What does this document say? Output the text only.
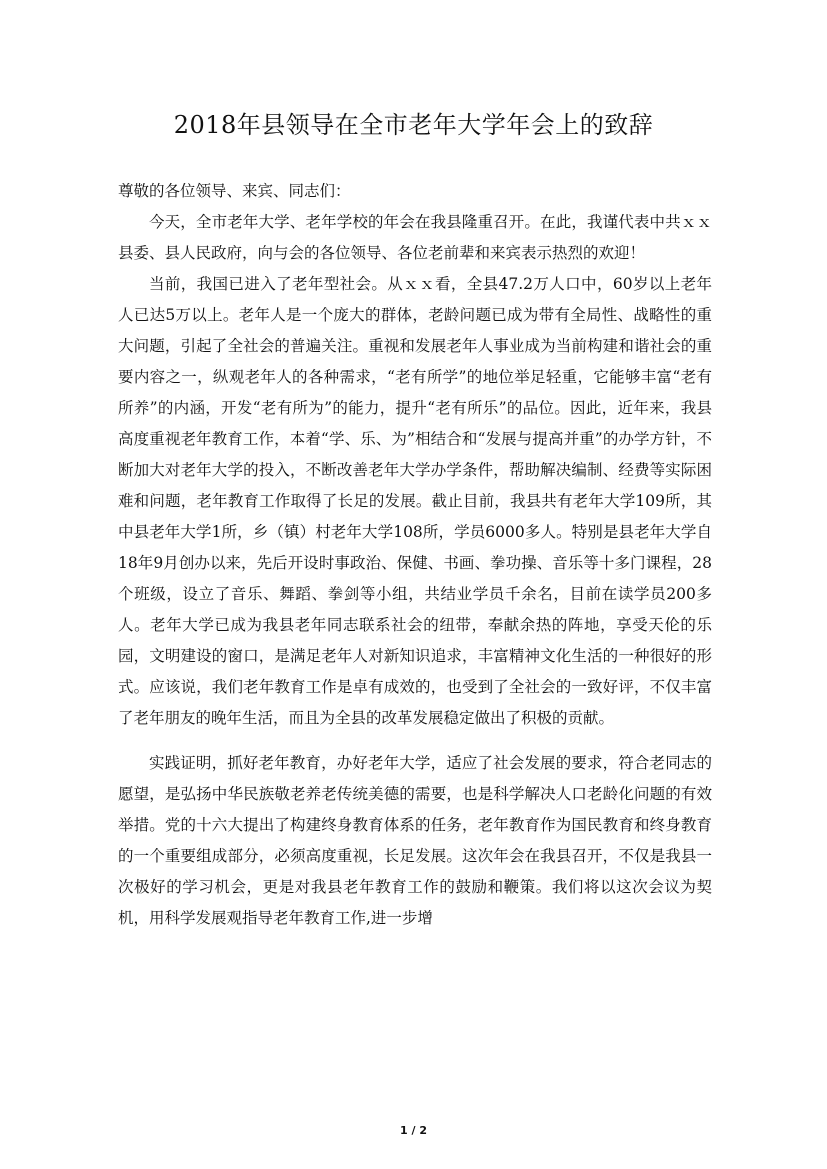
2018年县领导在全市老年大学年会上的致辞

尊敬的各位领导、来宾、同志们：

今天，全市老年大学、老年学校的年会在我县隆重召开。在此，我谨代表中共ｘｘ县委、县人民政府，向与会的各位领导、各位老前辈和来宾表示热烈的欢迎！

当前，我国已进入了老年型社会。从ｘｘ看，全县47.2万人口中，60岁以上老年人已达5万以上。老年人是一个庞大的群体，老龄问题已成为带有全局性、战略性的重大问题，引起了全社会的普遍关注。重视和发展老年人事业成为当前构建和谐社会的重要内容之一，纵观老年人的各种需求，“老有所学”的地位举足轻重，它能够丰富“老有所养”的内涵，开发“老有所为”的能力，提升“老有所乐”的品位。因此，近年来，我县高度重视老年教育工作，本着“学、乐、为”相结合和“发展与提高并重”的办学方针，不断加大对老年大学的投入，不断改善老年大学办学条件，帮助解决编制、经费等实际困难和问题，老年教育工作取得了长足的发展。截止目前，我县共有老年大学109所，其中县老年大学1所，乡（镇）村老年大学108所，学员6000多人。特别是县老年大学自18年9月创办以来，先后开设时事政治、保健、书画、拳功操、音乐等十多门课程，28个班级，设立了音乐、舞蹈、拳剑等小组，共结业学员千余名，目前在读学员200多人。老年大学已成为我县老年同志联系社会的纽带，奉献余热的阵地，享受天伦的乐园，文明建设的窗口，是满足老年人对新知识追求，丰富精神文化生活的一种很好的形式。应该说，我们老年教育工作是卓有成效的，也受到了全社会的一致好评，不仅丰富了老年朋友的晚年生活，而且为全县的改革发展稳定做出了积极的贡献。

实践证明，抓好老年教育，办好老年大学，适应了社会发展的要求，符合老同志的愿望，是弘扬中华民族敬老养老传统美德的需要，也是科学解决人口老龄化问题的有效举措。党的十六大提出了构建终身教育体系的任务，老年教育作为国民教育和终身教育的一个重要组成部分，必须高度重视，长足发展。这次年会在我县召开，不仅是我县一次极好的学习机会，更是对我县老年教育工作的鼓励和鞭策。我们将以这次会议为契机，用科学发展观指导老年教育工作,进一步增

1 / 2
